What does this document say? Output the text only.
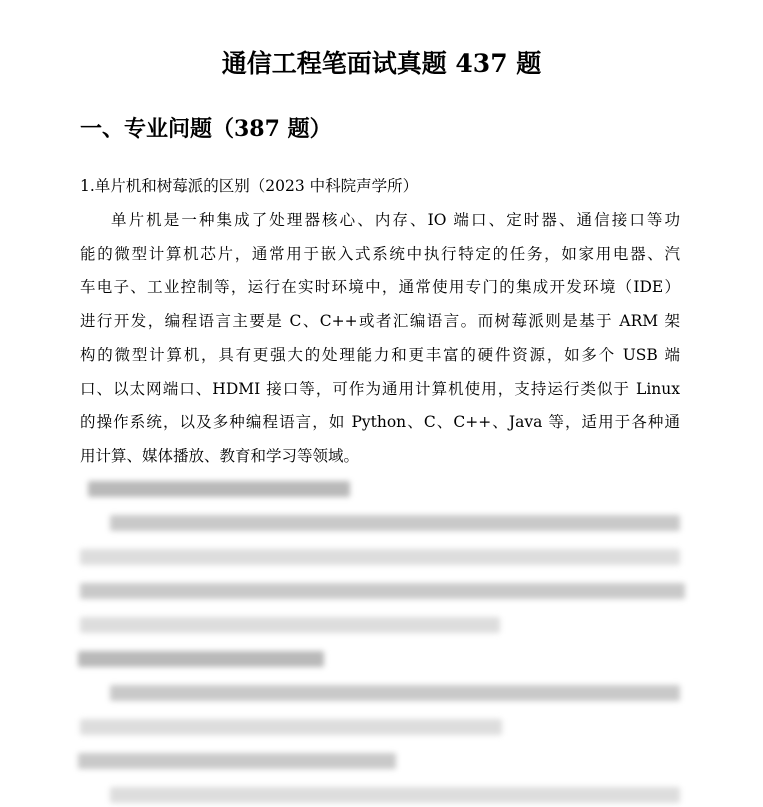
通信工程笔面试真题 437 题
一、专业问题（387 题）

1.单片机和树莓派的区别（2023 中科院声学所）

单片机是一种集成了处理器核心、内存、IO 端口、定时器、通信接口等功
能的微型计算机芯片，通常用于嵌入式系统中执行特定的任务，如家用电器、汽
车电子、工业控制等，运行在实时环境中，通常使用专门的集成开发环境（IDE）
进行开发，编程语言主要是 C、C++或者汇编语言。而树莓派则是基于 ARM 架
构的微型计算机，具有更强大的处理能力和更丰富的硬件资源，如多个 USB 端
口、以太网端口、HDMI 接口等，可作为通用计算机使用，支持运行类似于 Linux
的操作系统，以及多种编程语言，如 Python、C、C++、Java 等，适用于各种通
用计算、媒体播放、教育和学习等领域。
